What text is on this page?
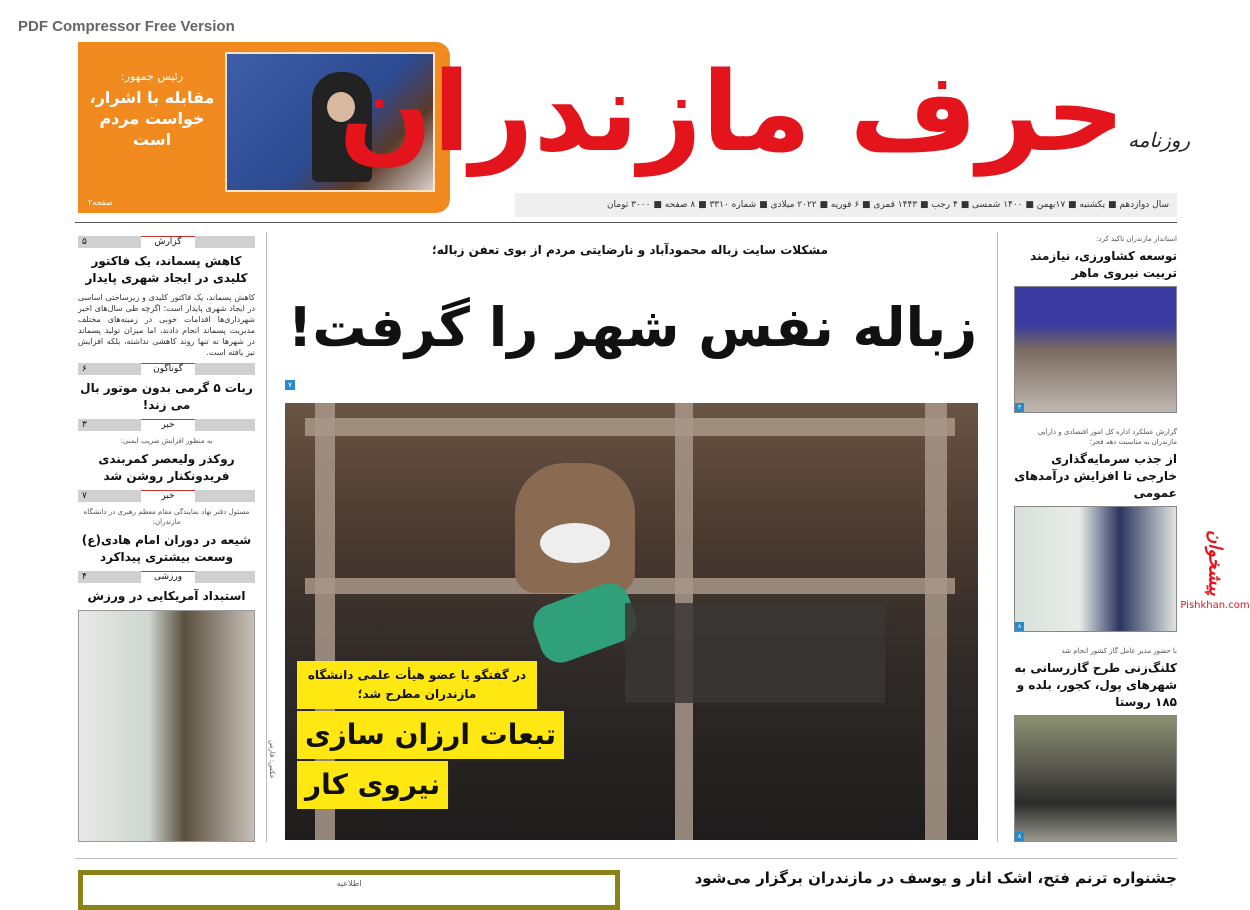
PDF Compressor Free Version
رئیس جمهور:
مقابله با اشرار، خواست مردم است
صفحه۲
حرف مازندران روزنامه
سال دوازدهم ■ یکشنبه ■ ۱۷بهمن ■ ۱۴۰۰ شمسی ■ ۴ رجب ■ ۱۴۴۳ قمری ■ ۶ فوریه ■ ۲۰۲۲ میلادی ■ شماره ۳۳۱۰ ■ ۸ صفحه ■ ۳۰۰۰ تومان
گزارش
۵
کاهش پسماند، یک فاکتور کلیدی در ایجاد شهری پایدار
کاهش پسماند، یک فاکتور کلیدی و زیرساختی اساسی در ایجاد شهری پایدار است؛ اگرچه طی سال‌های اخیر شهرداری‌ها اقدامات خوبی در زمینه‌های مختلف مدیریت پسماند انجام دادند، اما میزان تولید پسماند در شهرها نه تنها روند کاهشی نداشته، بلکه افزایش نیز یافته است.
گوناگون
۶
ربات ۵ گرمی بدون موتور بال می زند!
خبر
۳
به منظور افزایش ضریب ایمنی:
روکذر ولیعصر کمربندی فریدونکنار روشن شد
خبر
۷
مسئول دفتر نهاد نمایندگی مقام معظم رهبری در دانشگاه مازندران:
شیعه در دوران امام هادی(ع) وسعت بیشتری پیداکرد
ورزشی
۴
استبداد آمریکایی در ورزش
مشکلات سایت زباله محمودآباد و نارضایتی مردم از بوی تعفن زباله؛
زباله نفس شهر را گرفت!
۷
عکس: فارس
در گفتگو با عضو هیأت علمی دانشگاه مازندران مطرح شد؛
تبعات ارزان سازی
نیروی کار
استاندار مازندران تاکید کرد:
توسعه کشاورزی، نیازمند تربیت نیروی ماهر
۳
گزارش عملکرد اداره کل امور اقتصادی و دارایی مازندران به مناسبت دهه فجر؛
از جذب سرمایه‌گذاری خارجی تا افزایش درآمدهای عمومی
۸
با حضور مدیر عامل گاز کشور انجام شد
کلنگ‌زنی طرح گازرسانی به شهرهای پول، کجور، بلده و ۱۸۵ روستا
۸
پیشخوان
Pishkhan.com
جشنواره ترنم فتح، اشک انار و یوسف در مازندران برگزار می‌شود
اطلاعیه
